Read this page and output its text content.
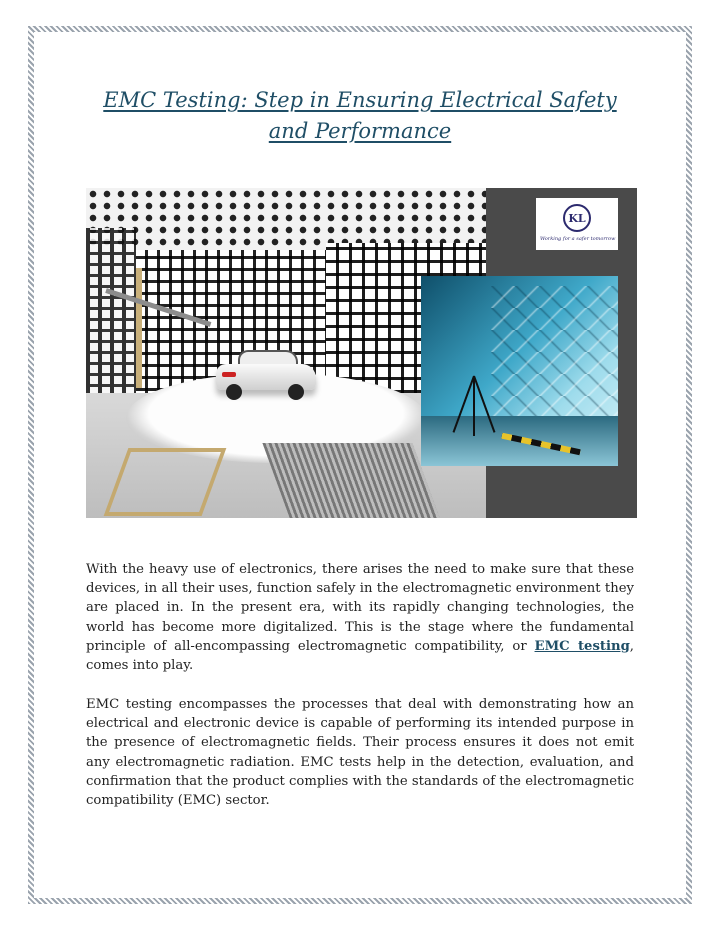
EMC Testing: Step in Ensuring Electrical Safety and Performance
KL
Working for a safer tomorrow

With the heavy use of electronics, there arises the need to make sure that these devices, in all their uses, function safely in the electromagnetic environment they are placed in. In the present era, with its rapidly changing technologies, the world has become more digitalized. This is the stage where the fundamental principle of all-encompassing electromagnetic compatibility, or EMC testing, comes into play.

EMC testing encompasses the processes that deal with demonstrating how an electrical and electronic device is capable of performing its intended purpose in the presence of electromagnetic fields. Their process ensures it does not emit any electromagnetic radiation. EMC tests help in the detection, evaluation, and confirmation that the product complies with the standards of the electromagnetic compatibility (EMC) sector.
